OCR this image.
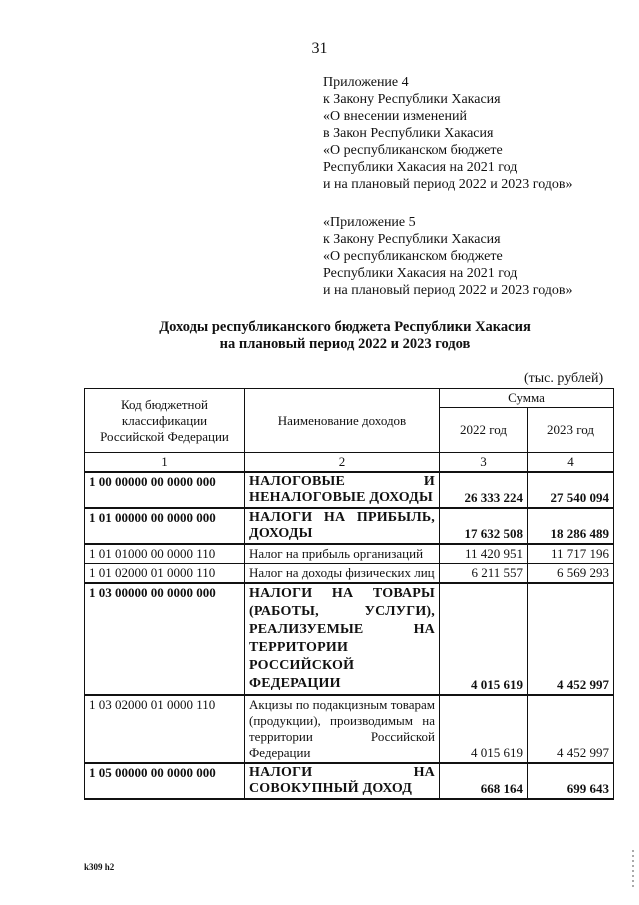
31
Приложение 4
к Закону Республики Хакасия
«О внесении изменений
в Закон Республики Хакасия
«О республиканском бюджете
Республики Хакасия на 2021 год
и на плановый период 2022 и 2023 годов»
«Приложение 5
к Закону Республики Хакасия
«О республиканском бюджете
Республики Хакасия на 2021 год
и на плановый период 2022 и 2023 годов»
Доходы республиканского бюджета Республики Хакасия
на плановый период 2022 и 2023 годов
(тыс. рублей)
Код бюджетной классификации Российской Федерации	Наименование доходов	Сумма	
		2022 год	2023 год
1	2	3	4
1 00 00000 00 0000 000	НАЛОГОВЫЕ И НЕНАЛОГОВЫЕ ДОХОДЫ	26 333 224	27 540 094
1 01 00000 00 0000 000	НАЛОГИ НА ПРИБЫЛЬ, ДОХОДЫ	17 632 508	18 286 489
1 01 01000 00 0000 110	Налог на прибыль организаций	11 420 951	11 717 196
1 01 02000 01 0000 110	Налог на доходы физических лиц	6 211 557	6 569 293
1 03 00000 00 0000 000	НАЛОГИ НА ТОВАРЫ (РАБОТЫ, УСЛУГИ), РЕАЛИЗУЕМЫЕ НА ТЕРРИТОРИИ РОССИЙСКОЙ ФЕДЕРАЦИИ	4 015 619	4 452 997
1 03 02000 01 0000 110	Акцизы по подакцизным товарам (продукции), производимым на территории Российской Федерации	4 015 619	4 452 997
1 05 00000 00 0000 000	НАЛОГИ НА СОВОКУПНЫЙ ДОХОД	668 164	699 643
k309 h2
